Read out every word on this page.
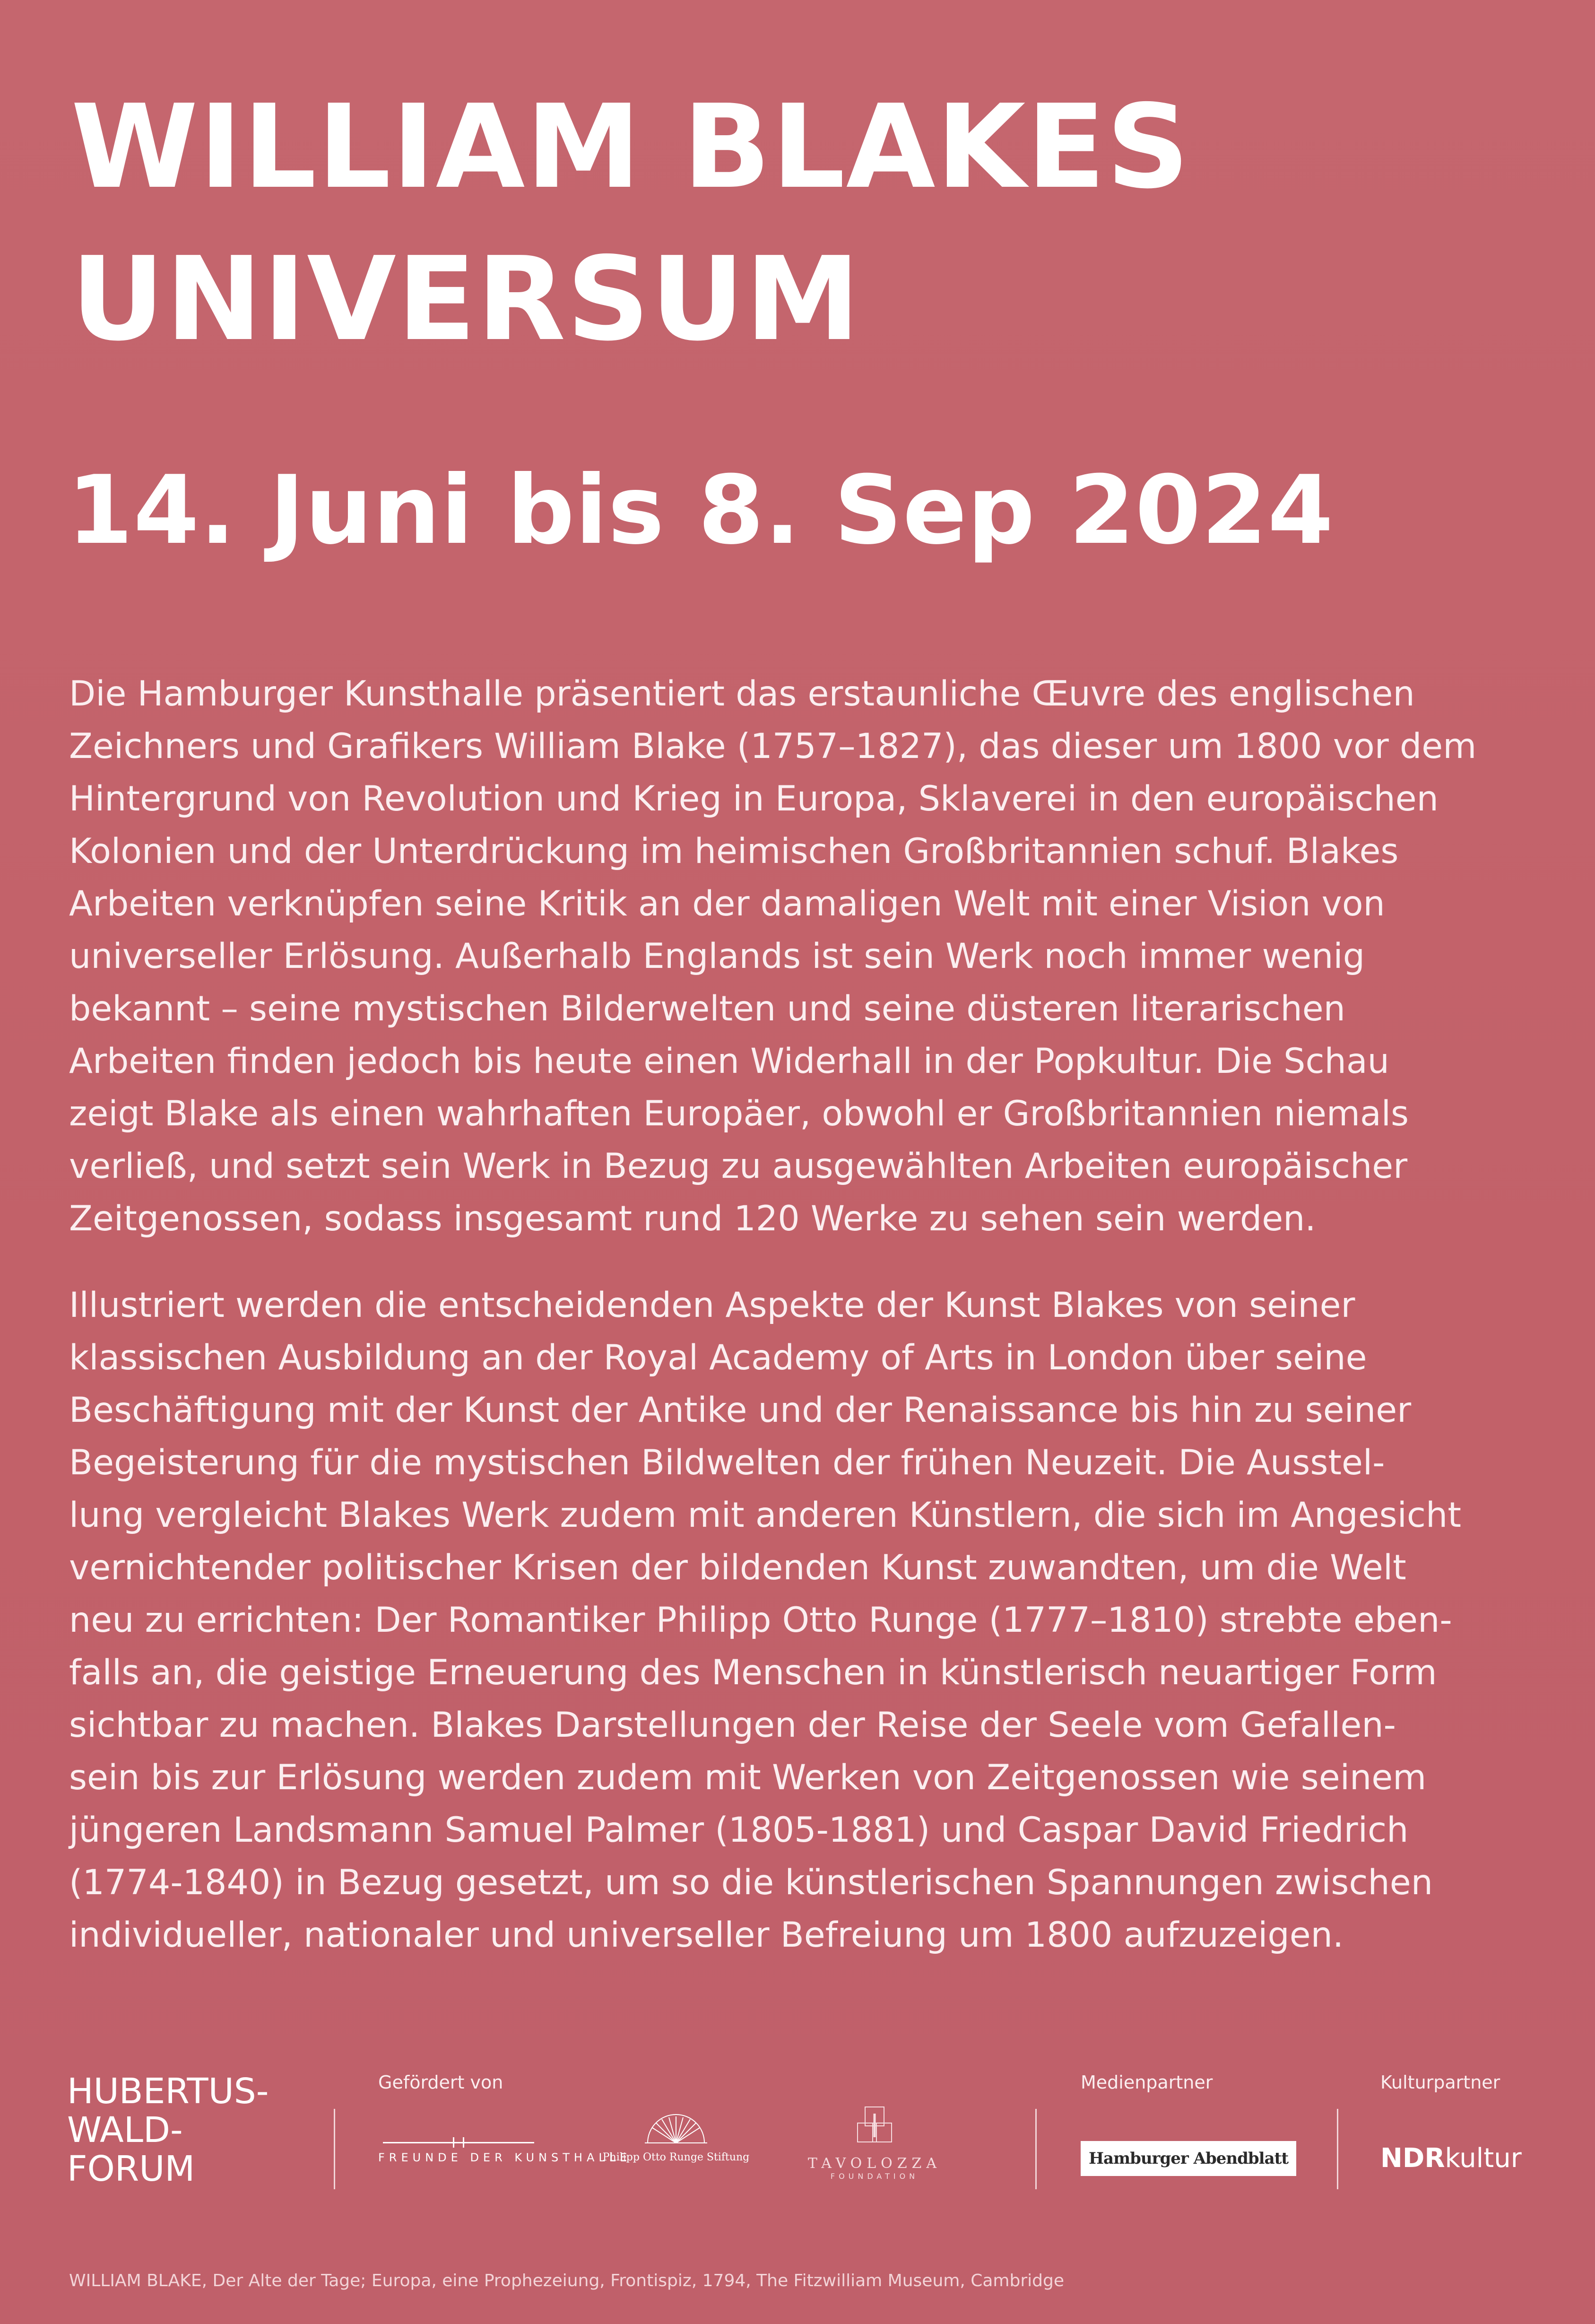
WILLIAM BLAKES
UNIVERSUM
14. Juni bis 8. Sep 2024

Die Hamburger Kunsthalle präsentiert das erstaunliche Œuvre des englischen
Zeichners und Grafikers William Blake (1757–1827), das dieser um 1800 vor dem
Hintergrund von Revolution und Krieg in Europa, Sklaverei in den europäischen
Kolonien und der Unterdrückung im heimischen Großbritannien schuf. Blakes
Arbeiten verknüpfen seine Kritik an der damaligen Welt mit einer Vision von
universeller Erlösung. Außerhalb Englands ist sein Werk noch immer wenig
bekannt – seine mystischen Bilderwelten und seine düsteren literarischen
Arbeiten finden jedoch bis heute einen Widerhall in der Popkultur. Die Schau
zeigt Blake als einen wahrhaften Europäer, obwohl er Großbritannien niemals
verließ, und setzt sein Werk in Bezug zu ausgewählten Arbeiten europäischer
Zeitgenossen, sodass insgesamt rund 120 Werke zu sehen sein werden.

Illustriert werden die entscheidenden Aspekte der Kunst Blakes von seiner
klassischen Ausbildung an der Royal Academy of Arts in London über seine
Beschäftigung mit der Kunst der Antike und der Renaissance bis hin zu seiner
Begeisterung für die mystischen Bildwelten der frühen Neuzeit. Die Ausstel-
lung vergleicht Blakes Werk zudem mit anderen Künstlern, die sich im Angesicht
vernichtender politischer Krisen der bildenden Kunst zuwandten, um die Welt
neu zu errichten: Der Romantiker Philipp Otto Runge (1777–1810) strebte eben-
falls an, die geistige Erneuerung des Menschen in künstlerisch neuartiger Form
sichtbar zu machen. Blakes Darstellungen der Reise der Seele vom Gefallen-
sein bis zur Erlösung werden zudem mit Werken von Zeitgenossen wie seinem
jüngeren Landsmann Samuel Palmer (1805-1881) und Caspar David Friedrich
(1774-1840) in Bezug gesetzt, um so die künstlerischen Spannungen zwischen
individueller, nationaler und universeller Befreiung um 1800 aufzuzeigen.

HUBERTUS-
WALD-
FORUM
Gefördert von
FREUNDE DER KUNSTHALLE
Philipp Otto Runge Stiftung	TAVOLOZZA
FOUNDATION
Medienpartner
Hamburger Abendblatt
Kulturpartner
NDRkultur
WILLIAM BLAKE, Der Alte der Tage; Europa, eine Prophezeiung, Frontispiz, 1794, The Fitzwilliam Museum, Cambridge
